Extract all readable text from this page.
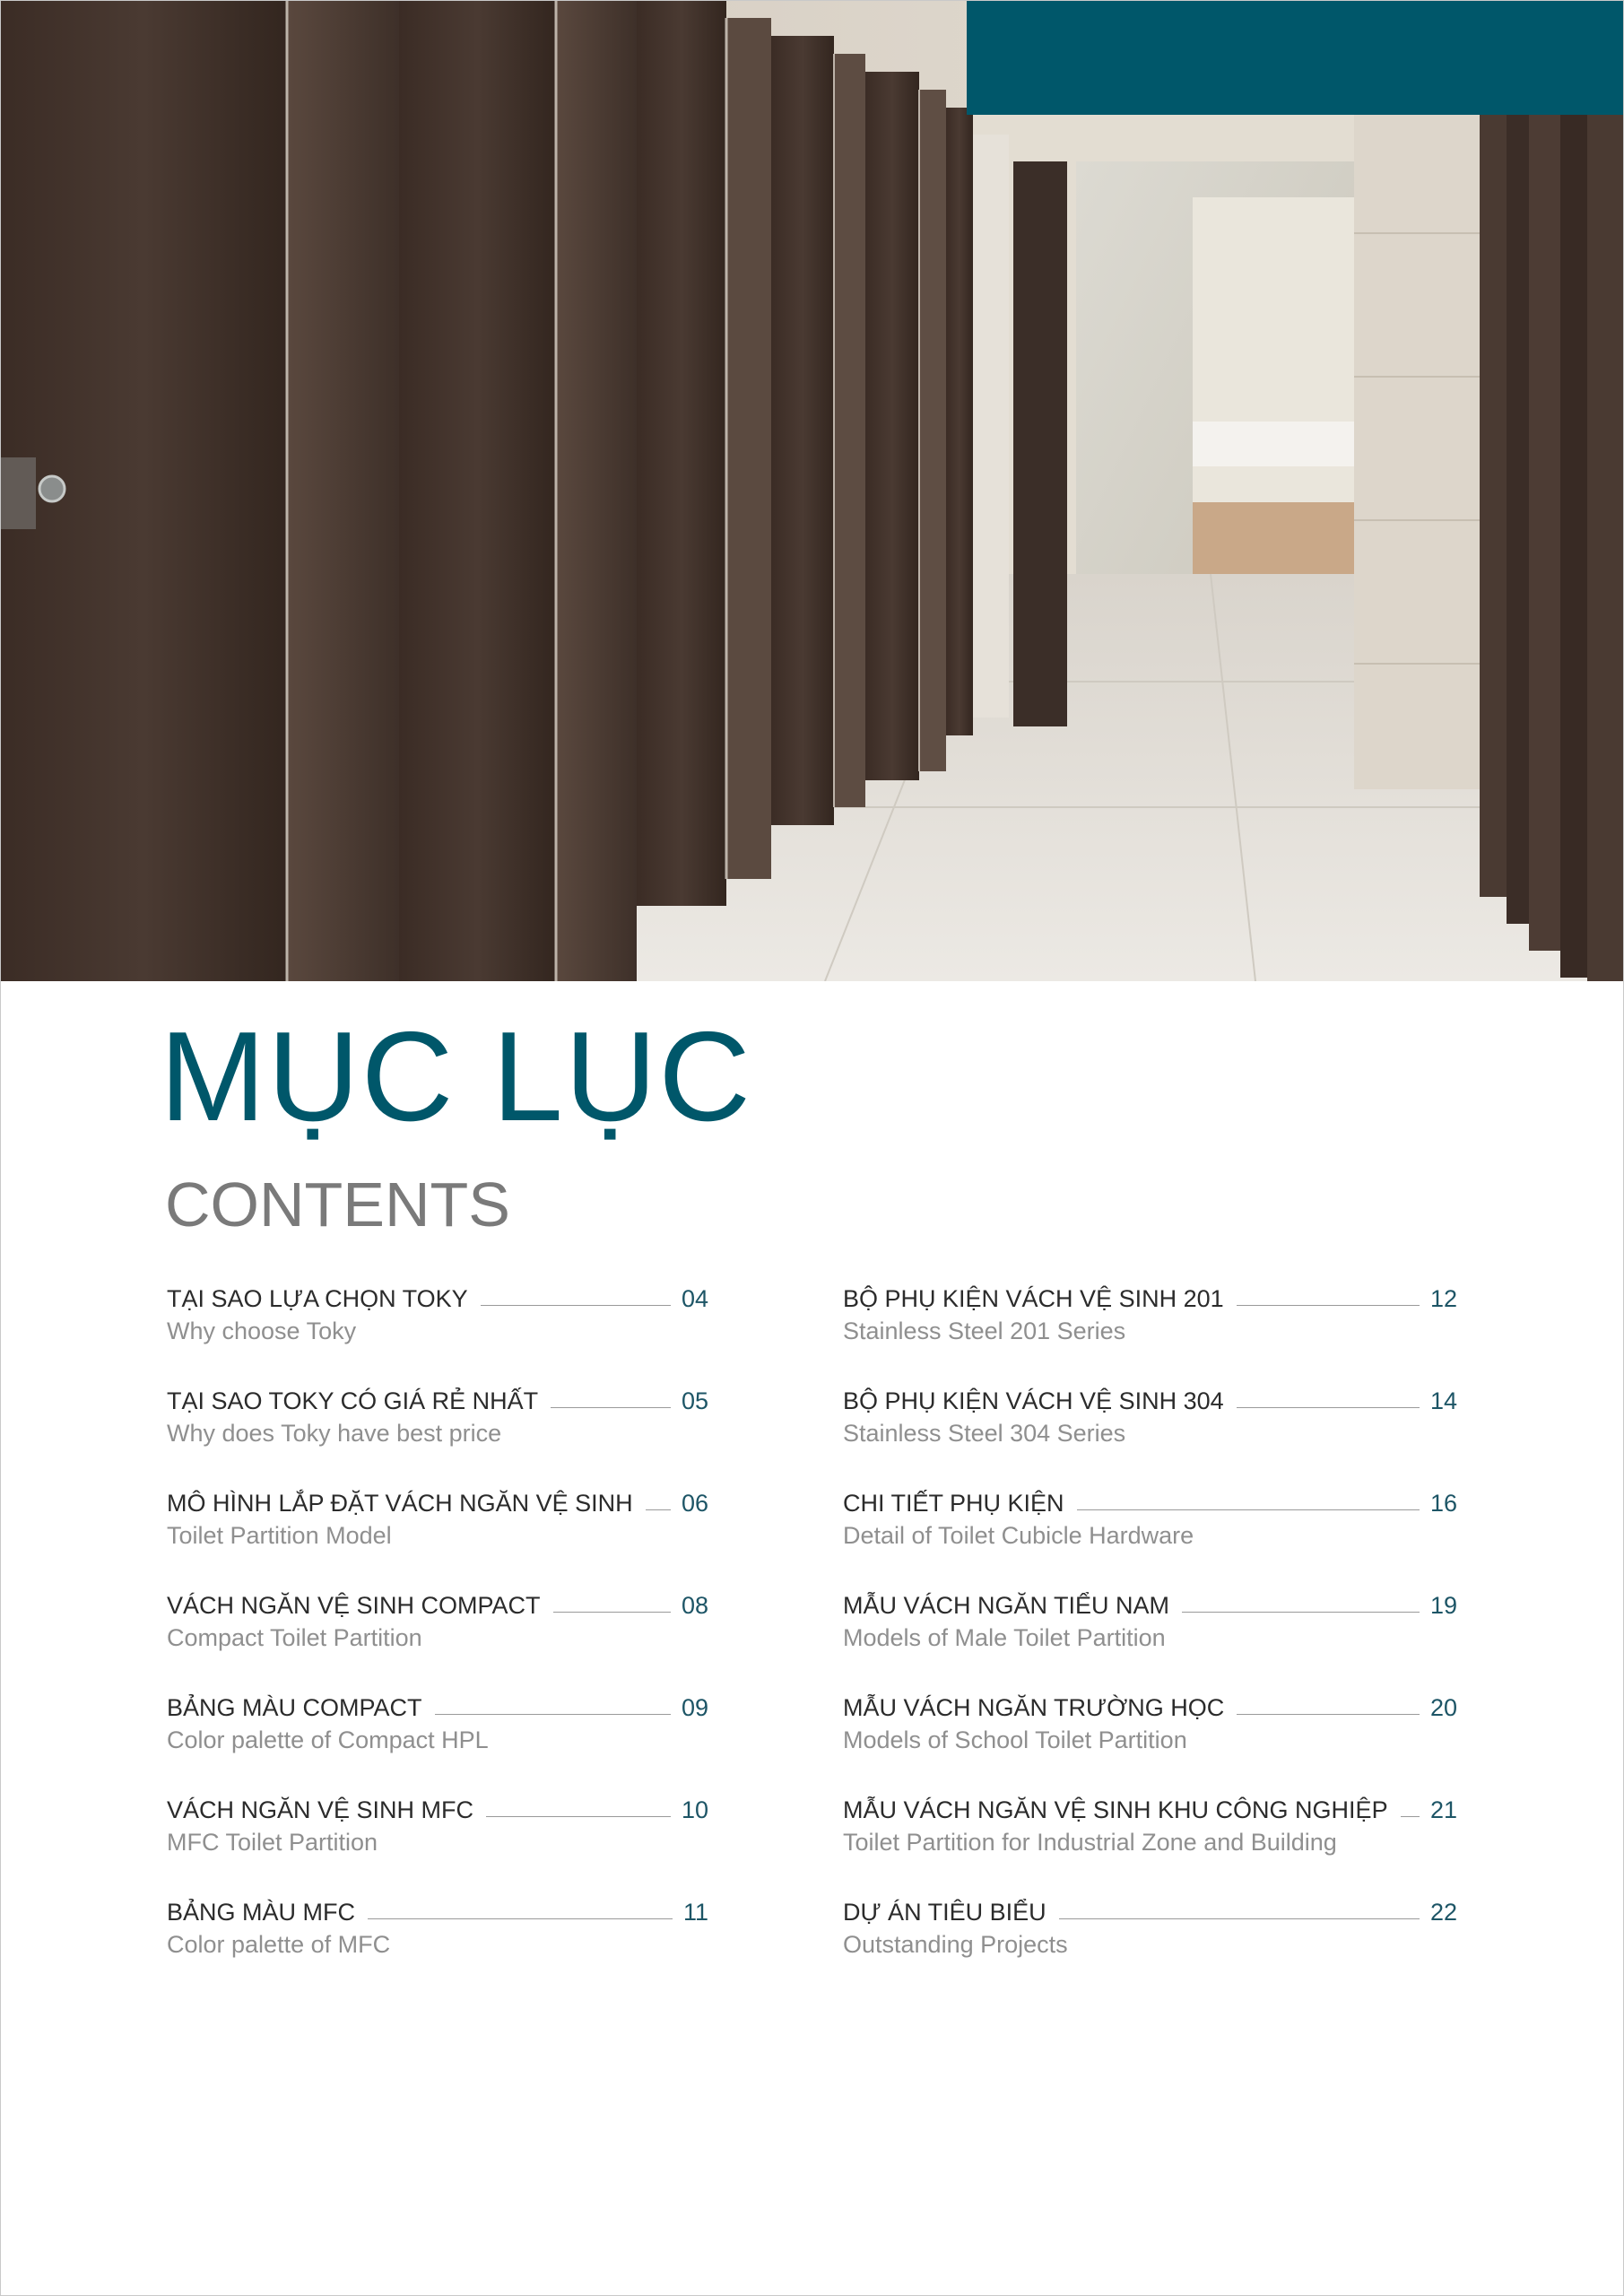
MỤC LỤC
CONTENTS
TẠI SAO LỰA CHỌN TOKY	04
Why choose Toky
TẠI SAO TOKY CÓ GIÁ RẺ NHẤT	05
Why does Toky have best price
MÔ HÌNH LẮP ĐẶT VÁCH NGĂN VỆ SINH 06
Toilet Partition Model
VÁCH NGĂN VỆ SINH COMPACT	08
Compact Toilet Partition
BẢNG MÀU COMPACT	09
Color palette of Compact HPL
VÁCH NGĂN VỆ SINH MFC	10
MFC Toilet Partition
BẢNG MÀU MFC	11
Color palette of MFC
BỘ PHỤ KIỆN VÁCH VỆ SINH 201	12
Stainless Steel 201 Series
BỘ PHỤ KIỆN VÁCH VỆ SINH 304	14
Stainless Steel 304 Series
CHI TIẾT PHỤ KIỆN	16
Detail of Toilet Cubicle Hardware
MẪU VÁCH NGĂN TIỂU NAM	19
Models of Male Toilet Partition
MẪU VÁCH NGĂN TRƯỜNG HỌC	20
Models of School Toilet Partition
MẪU VÁCH NGĂN VỆ SINH KHU CÔNG NGHIỆP 21
Toilet Partition for Industrial Zone and Building
DỰ ÁN TIÊU BIỂU	22
Outstanding Projects
